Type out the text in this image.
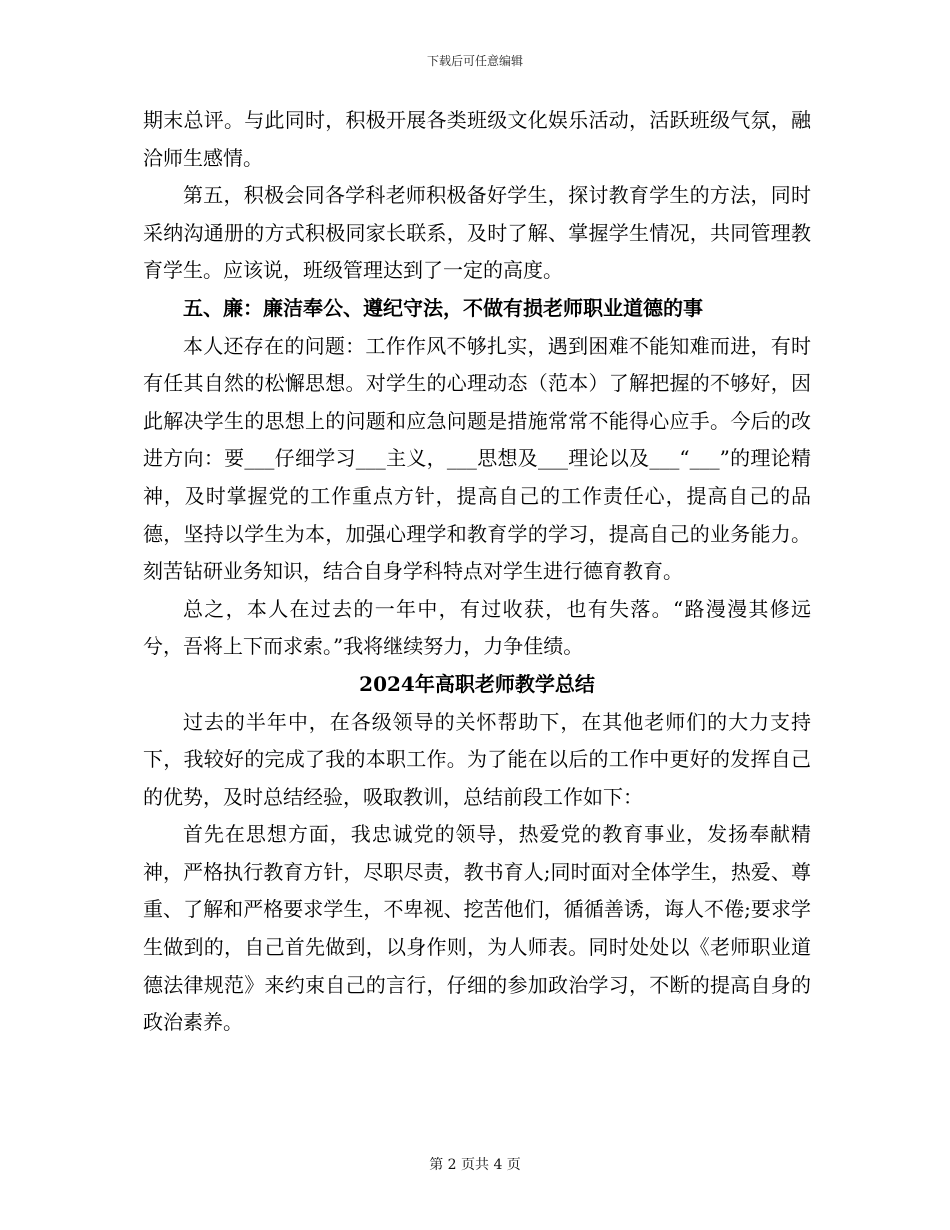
下载后可任意编辑

期末总评。与此同时，积极开展各类班级文化娱乐活动，活跃班级气氛，融洽师生感情。

第五，积极会同各学科老师积极备好学生，探讨教育学生的方法，同时采纳沟通册的方式积极同家长联系，及时了解、掌握学生情况，共同管理教育学生。应该说，班级管理达到了一定的高度。

五、廉：廉洁奉公、遵纪守法，不做有损老师职业道德的事

本人还存在的问题：工作作风不够扎实，遇到困难不能知难而进，有时有任其自然的松懈思想。对学生的心理动态（范本）了解把握的不够好，因此解决学生的思想上的问题和应急问题是措施常常不能得心应手。今后的改进方向：要___仔细学习___主义，___思想及___理论以及___“___”的理论精神，及时掌握党的工作重点方针，提高自己的工作责任心，提高自己的品德，坚持以学生为本，加强心理学和教育学的学习，提高自己的业务能力。刻苦钻研业务知识，结合自身学科特点对学生进行德育教育。

总之，本人在过去的一年中，有过收获，也有失落。“路漫漫其修远兮，吾将上下而求索。”我将继续努力，力争佳绩。

2024年高职老师教学总结

过去的半年中，在各级领导的关怀帮助下，在其他老师们的大力支持下，我较好的完成了我的本职工作。为了能在以后的工作中更好的发挥自己的优势，及时总结经验，吸取教训，总结前段工作如下：

首先在思想方面，我忠诚党的领导，热爱党的教育事业，发扬奉献精神，严格执行教育方针，尽职尽责，教书育人;同时面对全体学生，热爱、尊重、了解和严格要求学生，不卑视、挖苦他们，循循善诱，诲人不倦;要求学生做到的，自己首先做到，以身作则，为人师表。同时处处以《老师职业道德法律规范》来约束自己的言行，仔细的参加政治学习，不断的提高自身的政治素养。

第 2 页共 4 页
